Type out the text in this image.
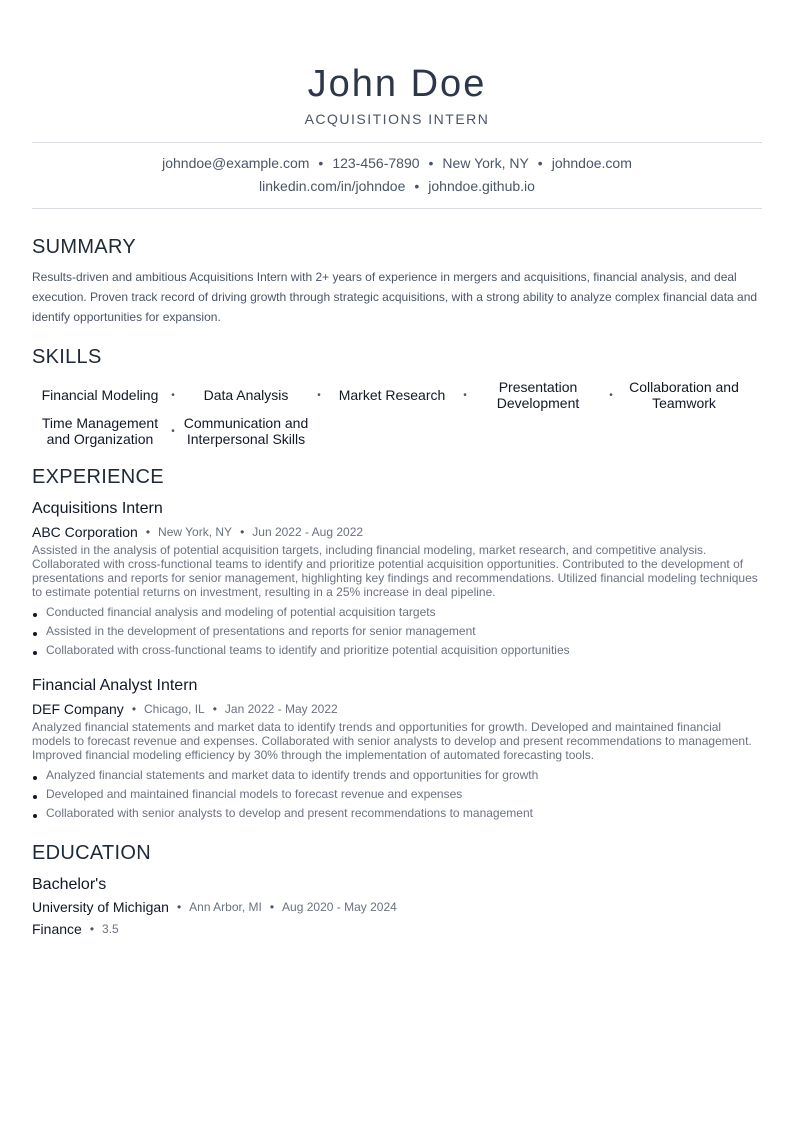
John Doe
ACQUISITIONS INTERN
johndoe@example.com • 123-456-7890 • New York, NY • johndoe.com
linkedin.com/in/johndoe • johndoe.github.io
SUMMARY

Results-driven and ambitious Acquisitions Intern with 2+ years of experience in mergers and acquisitions, financial analysis, and deal execution. Proven track record of driving growth through strategic acquisitions, with a strong ability to analyze complex financial data and identify opportunities for expansion.

SKILLS
Financial Modeling	•	Data Analysis	•	Market Research	•	Presentation Development	•	Collaboration and Teamwork
Time Management and Organization	• Communication and Interpersonal Skills
EXPERIENCE
Acquisitions Intern
ABC Corporation • New York, NY • Jun 2022 - Aug 2022

Assisted in the analysis of potential acquisition targets, including financial modeling, market research, and competitive analysis. Collaborated with cross-functional teams to identify and prioritize potential acquisition opportunities. Contributed to the development of presentations and reports for senior management, highlighting key findings and recommendations. Utilized financial modeling techniques to estimate potential returns on investment, resulting in a 25% increase in deal pipeline.

Conducted financial analysis and modeling of potential acquisition targets
Assisted in the development of presentations and reports for senior management
Collaborated with cross-functional teams to identify and prioritize potential acquisition opportunities
Financial Analyst Intern
DEF Company • Chicago, IL • Jan 2022 - May 2022

Analyzed financial statements and market data to identify trends and opportunities for growth. Developed and maintained financial models to forecast revenue and expenses. Collaborated with senior analysts to develop and present recommendations to management. Improved financial modeling efficiency by 30% through the implementation of automated forecasting tools.

Analyzed financial statements and market data to identify trends and opportunities for growth
Developed and maintained financial models to forecast revenue and expenses
Collaborated with senior analysts to develop and present recommendations to management
EDUCATION
Bachelor's
University of Michigan • Ann Arbor, MI • Aug 2020 - May 2024
Finance • 3.5
